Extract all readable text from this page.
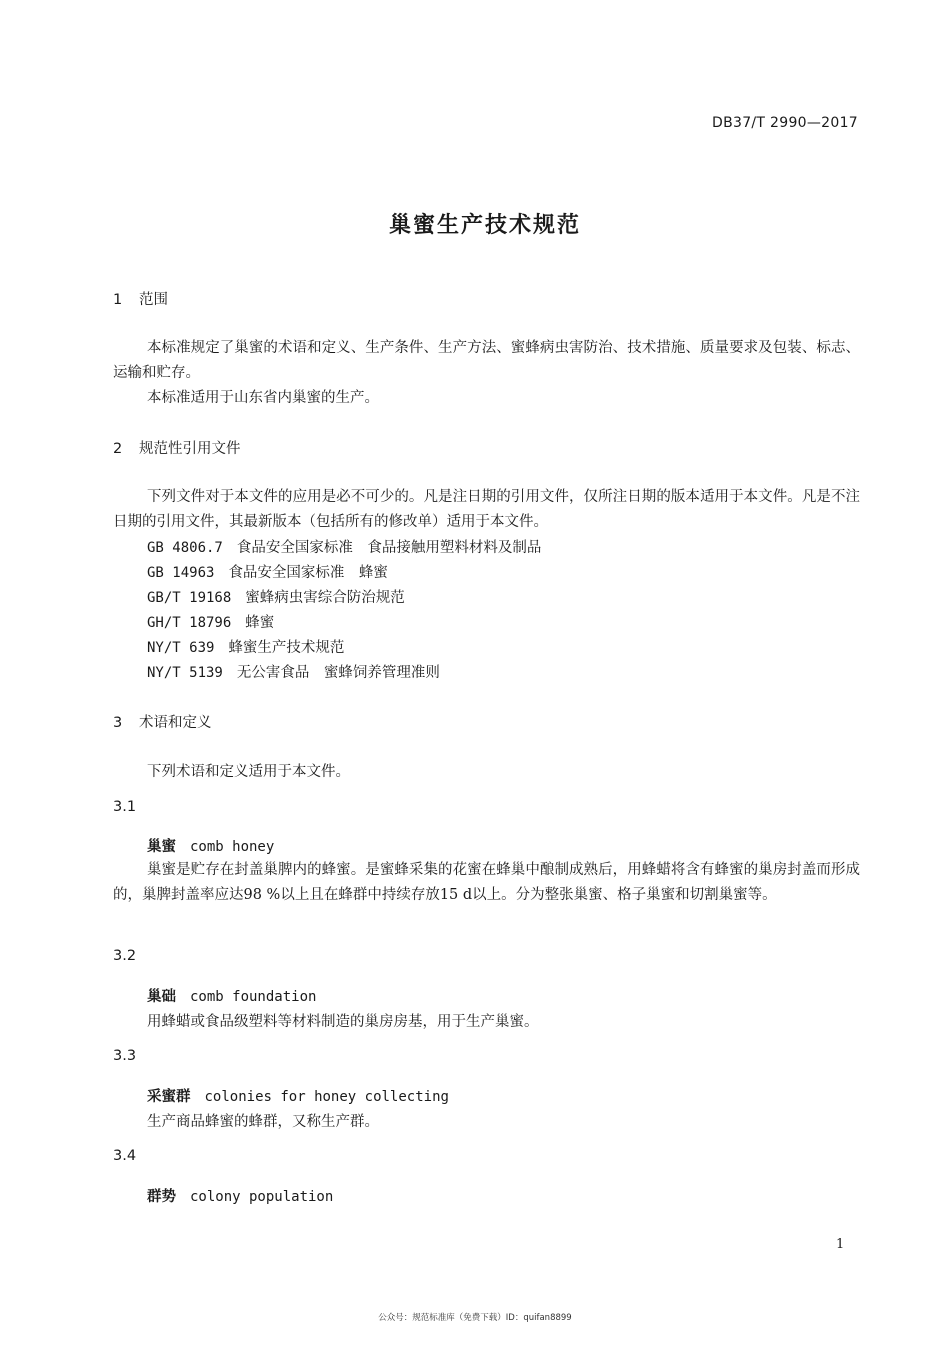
DB37/T 2990—2017
巢蜜生产技术规范
1 范围
本标准规定了巢蜜的术语和定义、生产条件、生产方法、蜜蜂病虫害防治、技术措施、质量要求及包装、标志、运输和贮存。
本标准适用于山东省内巢蜜的生产。
2 规范性引用文件
下列文件对于本文件的应用是必不可少的。凡是注日期的引用文件，仅所注日期的版本适用于本文件。凡是不注日期的引用文件，其最新版本（包括所有的修改单）适用于本文件。
GB 4806.7 食品安全国家标准　食品接触用塑料材料及制品
GB 14963 食品安全国家标准　蜂蜜
GB/T 19168 蜜蜂病虫害综合防治规范
GH/T 18796 蜂蜜
NY/T 639 蜂蜜生产技术规范
NY/T 5139 无公害食品　蜜蜂饲养管理准则
3 术语和定义
下列术语和定义适用于本文件。
3.1
巢蜜 comb honey
巢蜜是贮存在封盖巢脾内的蜂蜜。是蜜蜂采集的花蜜在蜂巢中酿制成熟后，用蜂蜡将含有蜂蜜的巢房封盖而形成的，巢脾封盖率应达98 %以上且在蜂群中持续存放15 d以上。分为整张巢蜜、格子巢蜜和切割巢蜜等。
3.2
巢础 comb foundation
用蜂蜡或食品级塑料等材料制造的巢房房基，用于生产巢蜜。
3.3
采蜜群 colonies for honey collecting
生产商品蜂蜜的蜂群，又称生产群。
3.4
群势 colony population
1
公众号：规范标准库（免费下载）ID：quifan8899
